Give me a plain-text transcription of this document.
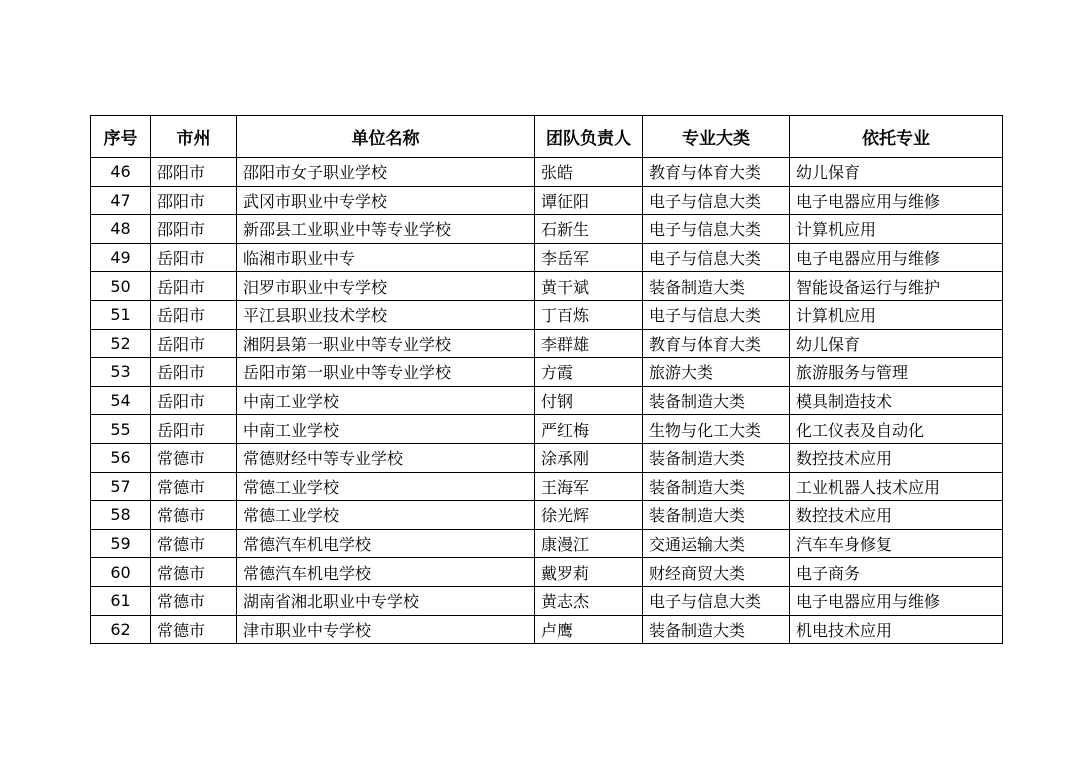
序号	市州	单位名称	团队负责人	专业大类	依托专业
46	邵阳市	邵阳市女子职业学校	张皓	教育与体育大类	幼儿保育
47	邵阳市	武冈市职业中专学校	谭征阳	电子与信息大类	电子电器应用与维修
48	邵阳市	新邵县工业职业中等专业学校	石新生	电子与信息大类	计算机应用
49	岳阳市	临湘市职业中专	李岳军	电子与信息大类	电子电器应用与维修
50	岳阳市	汨罗市职业中专学校	黄干斌	装备制造大类	智能设备运行与维护
51	岳阳市	平江县职业技术学校	丁百炼	电子与信息大类	计算机应用
52	岳阳市	湘阴县第一职业中等专业学校	李群雄	教育与体育大类	幼儿保育
53	岳阳市	岳阳市第一职业中等专业学校	方霞	旅游大类	旅游服务与管理
54	岳阳市	中南工业学校	付钢	装备制造大类	模具制造技术
55	岳阳市	中南工业学校	严红梅	生物与化工大类	化工仪表及自动化
56	常德市	常德财经中等专业学校	涂承刚	装备制造大类	数控技术应用
57	常德市	常德工业学校	王海军	装备制造大类	工业机器人技术应用
58	常德市	常德工业学校	徐光辉	装备制造大类	数控技术应用
59	常德市	常德汽车机电学校	康漫江	交通运输大类	汽车车身修复
60	常德市	常德汽车机电学校	戴罗莉	财经商贸大类	电子商务
61	常德市	湖南省湘北职业中专学校	黄志杰	电子与信息大类	电子电器应用与维修
62	常德市	津市职业中专学校	卢鹰	装备制造大类	机电技术应用
